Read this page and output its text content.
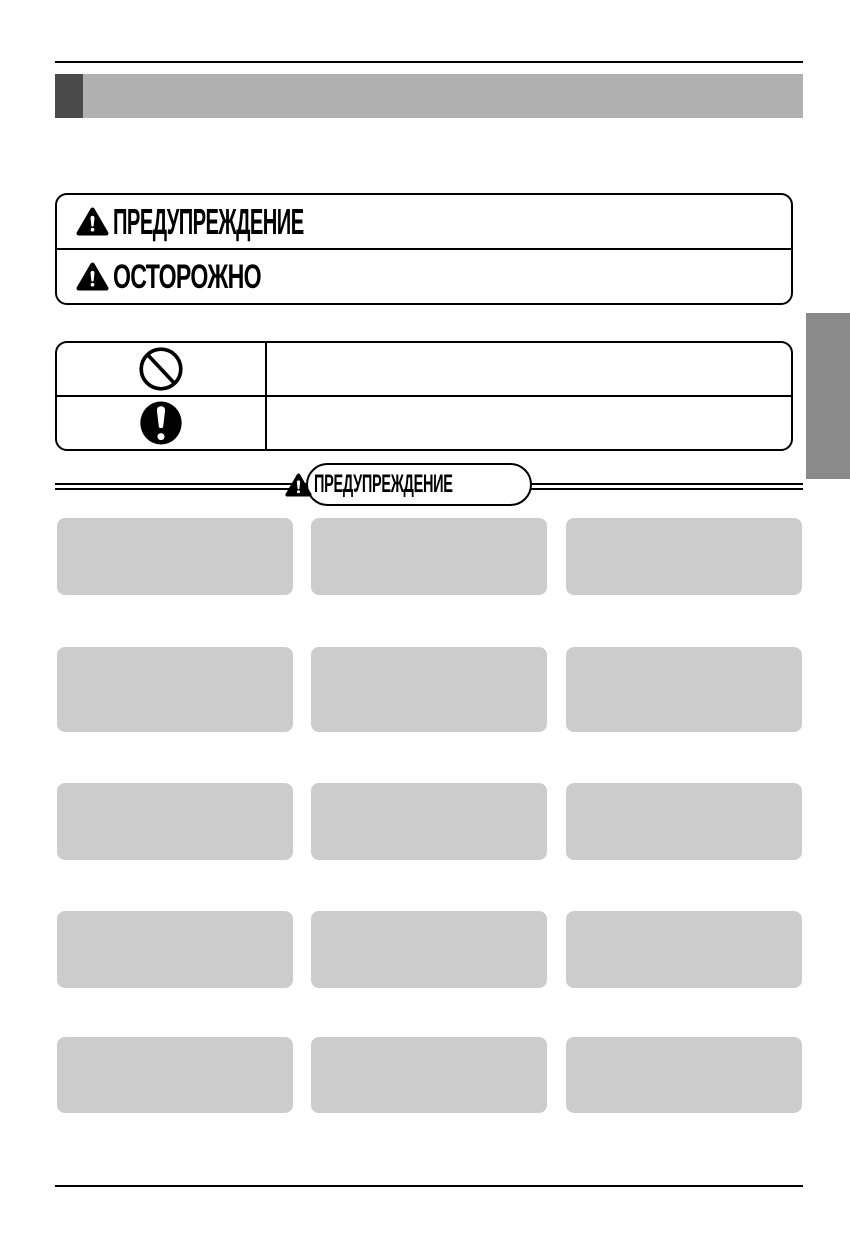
ПРЕДУПРЕЖДЕНИЕ
ОСТОРОЖНО
ПРЕДУПРЕЖДЕНИЕ
